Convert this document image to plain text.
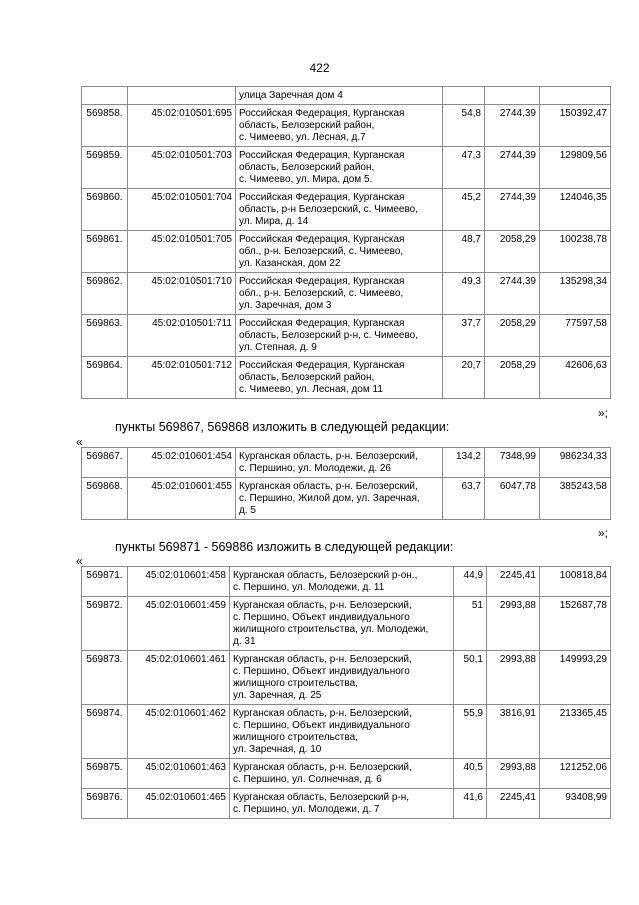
422

		улица Заречная дом 4			

569858.	45:02:010501:695	Российская Федерация, Курганская
область, Белозерский район,
с. Чимеево, ул. Лесная, д.7	54,8	2744,39	150392,47
569859.	45:02:010501:703	Российская Федерация, Курганская
область, Белозерский район,
с. Чимеево, ул. Мира, дом 5.	47,3	2744,39	129809,56
569860.	45:02:010501:704	Российская Федерация, Курганская
область, р-н Белозерский, с. Чимеево,
ул. Мира, д. 14	45,2	2744,39	124046,35
569861.	45:02:010501:705	Российская Федерация, Курганская
обл., р-н. Белозерский, с. Чимеево,
ул. Казанская, дом 22	48,7	2058,29	100238,78
569862.	45:02:010501:710	Российская Федерация, Курганская
обл., р-н. Белозерский, с. Чимеево,
ул. Заречная, дом 3	49,3	2744,39	135298,34
569863.	45:02:010501:711	Российская Федерация, Курганская
область, Белозерский р-н, с. Чимеево,
ул. Степная, д. 9	37,7	2058,29	77597,58
569864.	45:02:010501:712	Российская Федерация, Курганская
область, Белозерский район,
с. Чимеево, ул. Лесная, дом 11	20,7	2058,29	42606,63
»;
пункты 569867, 569868 изложить в следующей редакции:
«
569867.	45:02:010601:454	Курганская область, р-н. Белозерский,
с. Першино, ул. Молодежи, д. 26	134,2	7348,99	986234,33
569868.	45:02:010601:455	Курганская область, р-н. Белозерский,
с. Першино, Жилой дом, ул. Заречная,
д. 5	63,7	6047,78	385243,58
»;
пункты 569871 - 569886 изложить в следующей редакции:
«
569871.	45:02:010601:458	Курганская область, Белозерский р-он.,
с. Першино, ул. Молодежи, д. 11	44,9	2245,41	100818,84
569872.	45:02:010601:459	Курганская область, р-н. Белозерский,
с. Першино, Объект индивидуального
жилищного строительства, ул. Молодежи,
д. 31	51	2993,88	152687,78
569873.	45:02:010601:461	Курганская область, р-н. Белозерский,
с. Першино, Объект индивидуального
жилищного строительства,
ул. Заречная, д. 25	50,1	2993,88	149993,29
569874.	45:02:010601:462	Курганская область, р-н. Белозерский,
с. Першино, Объект индивидуального
жилищного строительства,
ул. Заречная, д. 10	55,9	3816,91	213365,45
569875.	45:02:010601:463	Курганская область, р-н. Белозерский,
с. Першино, ул. Солнечная, д. 6	40,5	2993,88	121252,06
569876.	45:02:010601:465	Курганская область, Белозерский р-н,
с. Першино, ул. Молодежи, д. 7	41,6	2245,41	93408,99
